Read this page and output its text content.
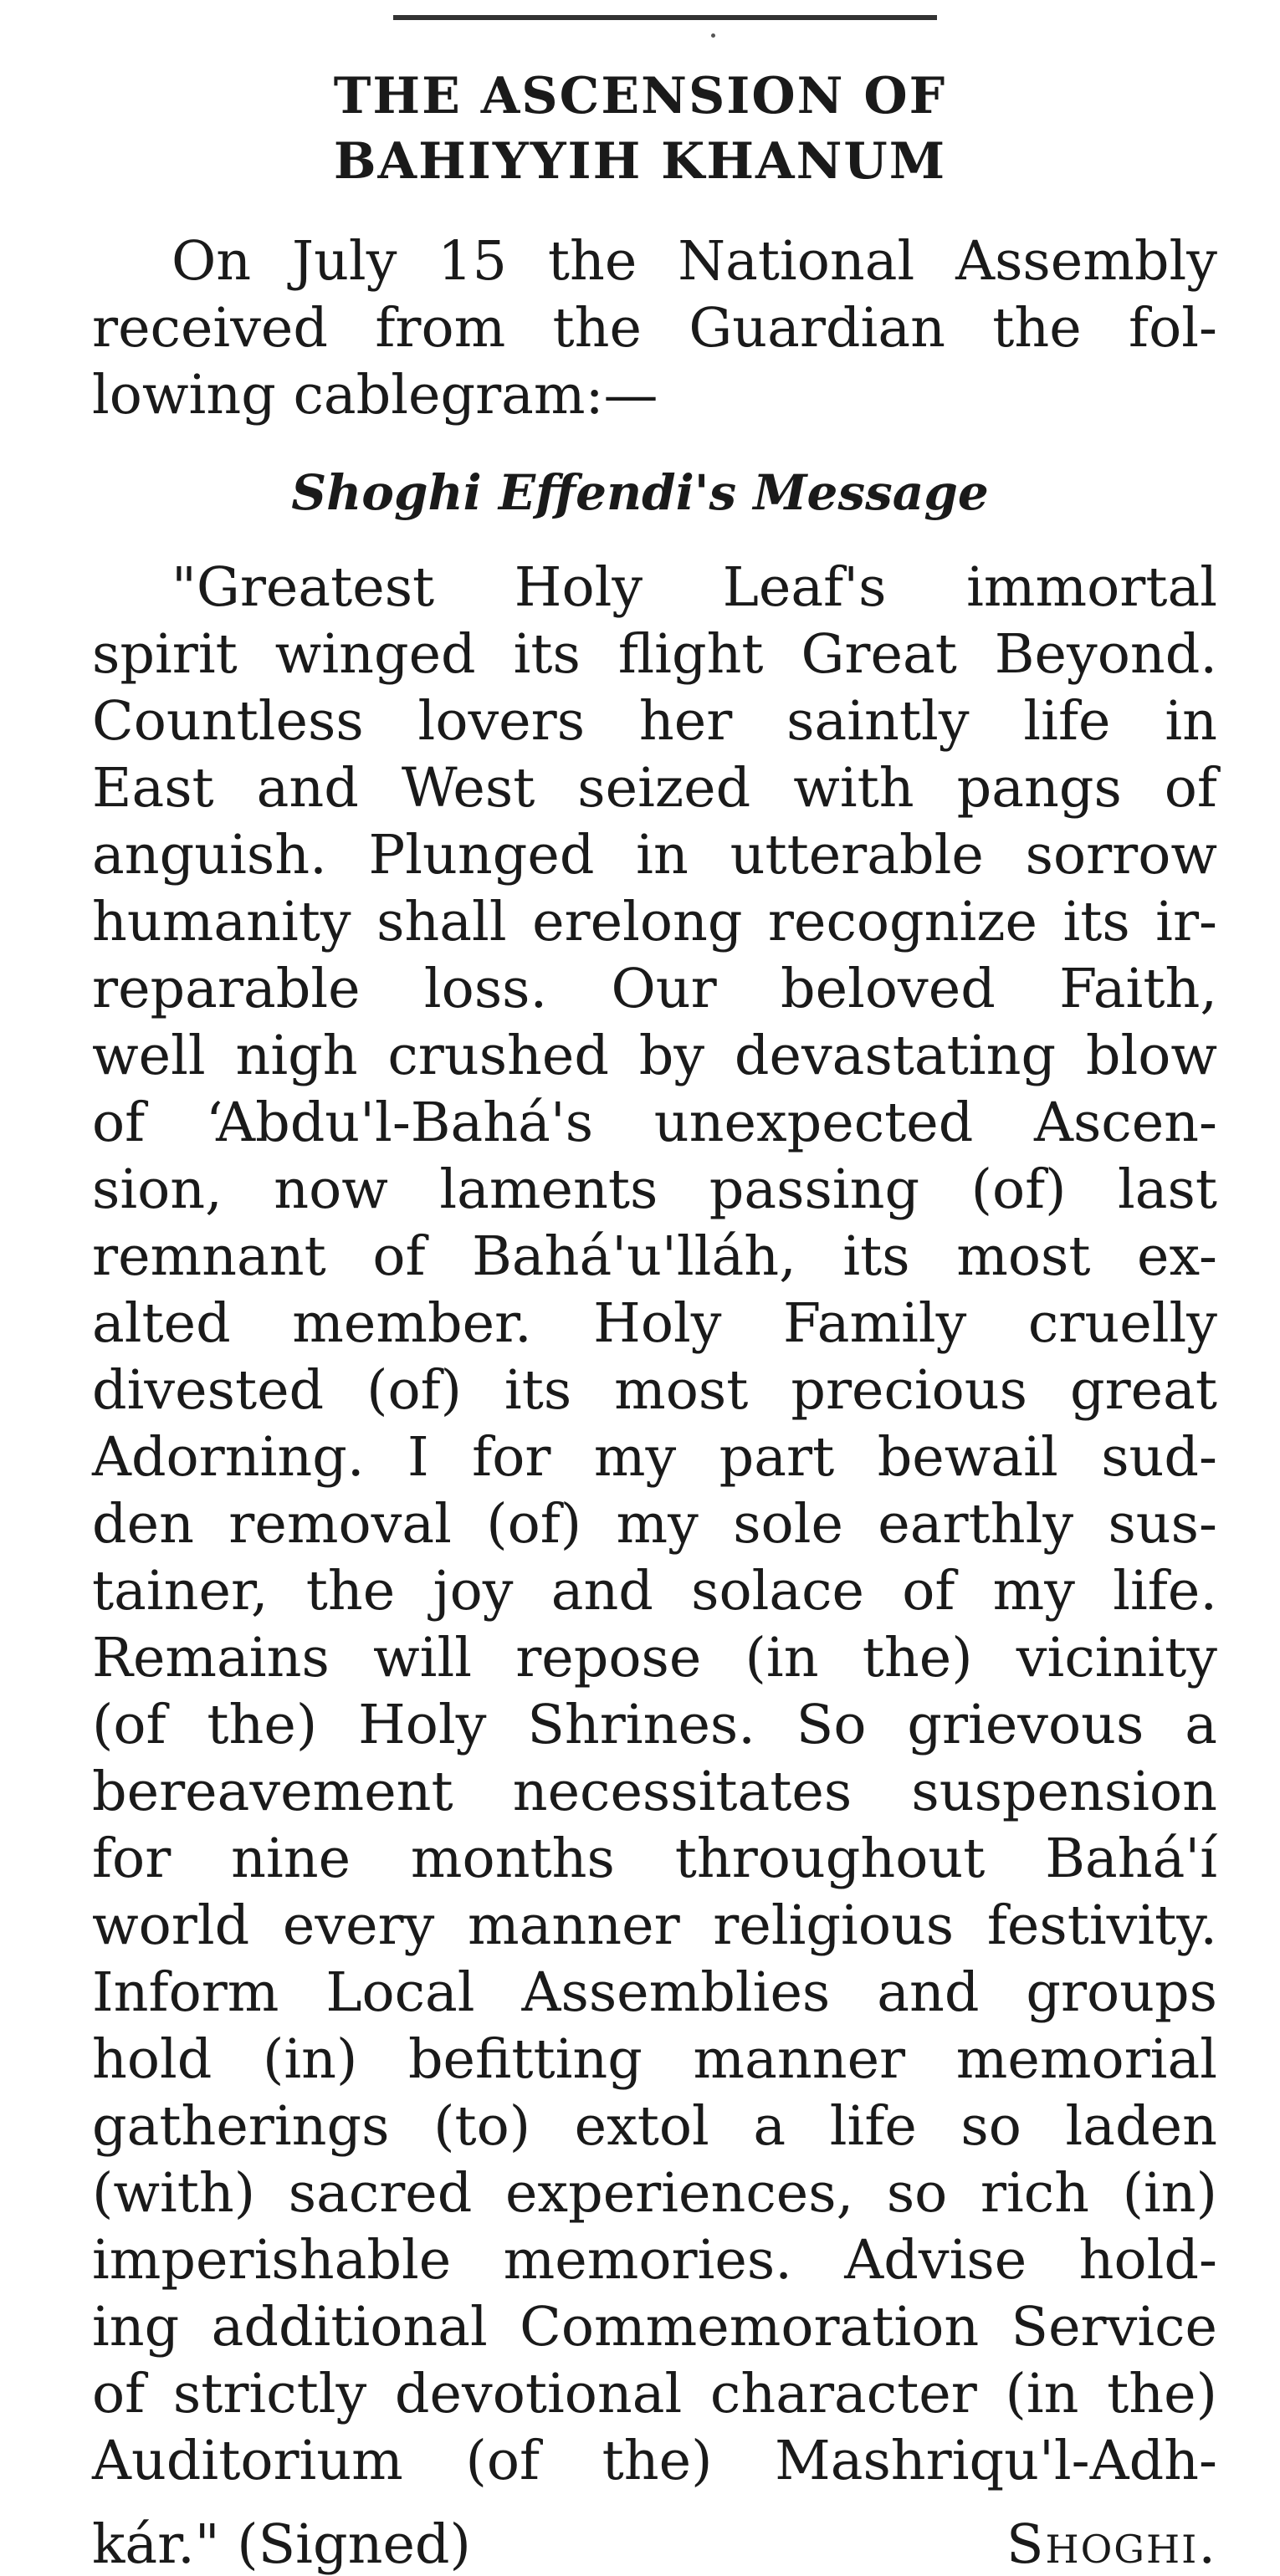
THE ASCENSION OF
BAHIYYIH KHANUM
On July 15 the National Assembly
received from the Guardian the fol-
lowing cablegram:—
Shoghi Effendi's Message
"Greatest Holy Leaf's immortal
spirit winged its flight Great Beyond.
Countless lovers her saintly life in
East and West seized with pangs of
anguish. Plunged in utterable sorrow
humanity shall erelong recognize its ir-
reparable loss. Our beloved Faith,
well nigh crushed by devastating blow
of ‘Abdu'l-Bahá's unexpected Ascen-
sion, now laments passing (of) last
remnant of Bahá'u'lláh, its most ex-
alted member. Holy Family cruelly
divested (of) its most precious great
Adorning. I for my part bewail sud-
den removal (of) my sole earthly sus-
tainer, the joy and solace of my life.
Remains will repose (in the) vicinity
(of the) Holy Shrines. So grievous a
bereavement necessitates suspension
for nine months throughout Bahá'í
world every manner religious festivity.
Inform Local Assemblies and groups
hold (in) befitting manner memorial
gatherings (to) extol a life so laden
(with) sacred experiences, so rich (in)
imperishable memories. Advise hold-
ing additional Commemoration Service
of strictly devotional character (in the)
Auditorium (of the) Mashriqu'l-Adh-
kár." (Signed)	Shoghi.
